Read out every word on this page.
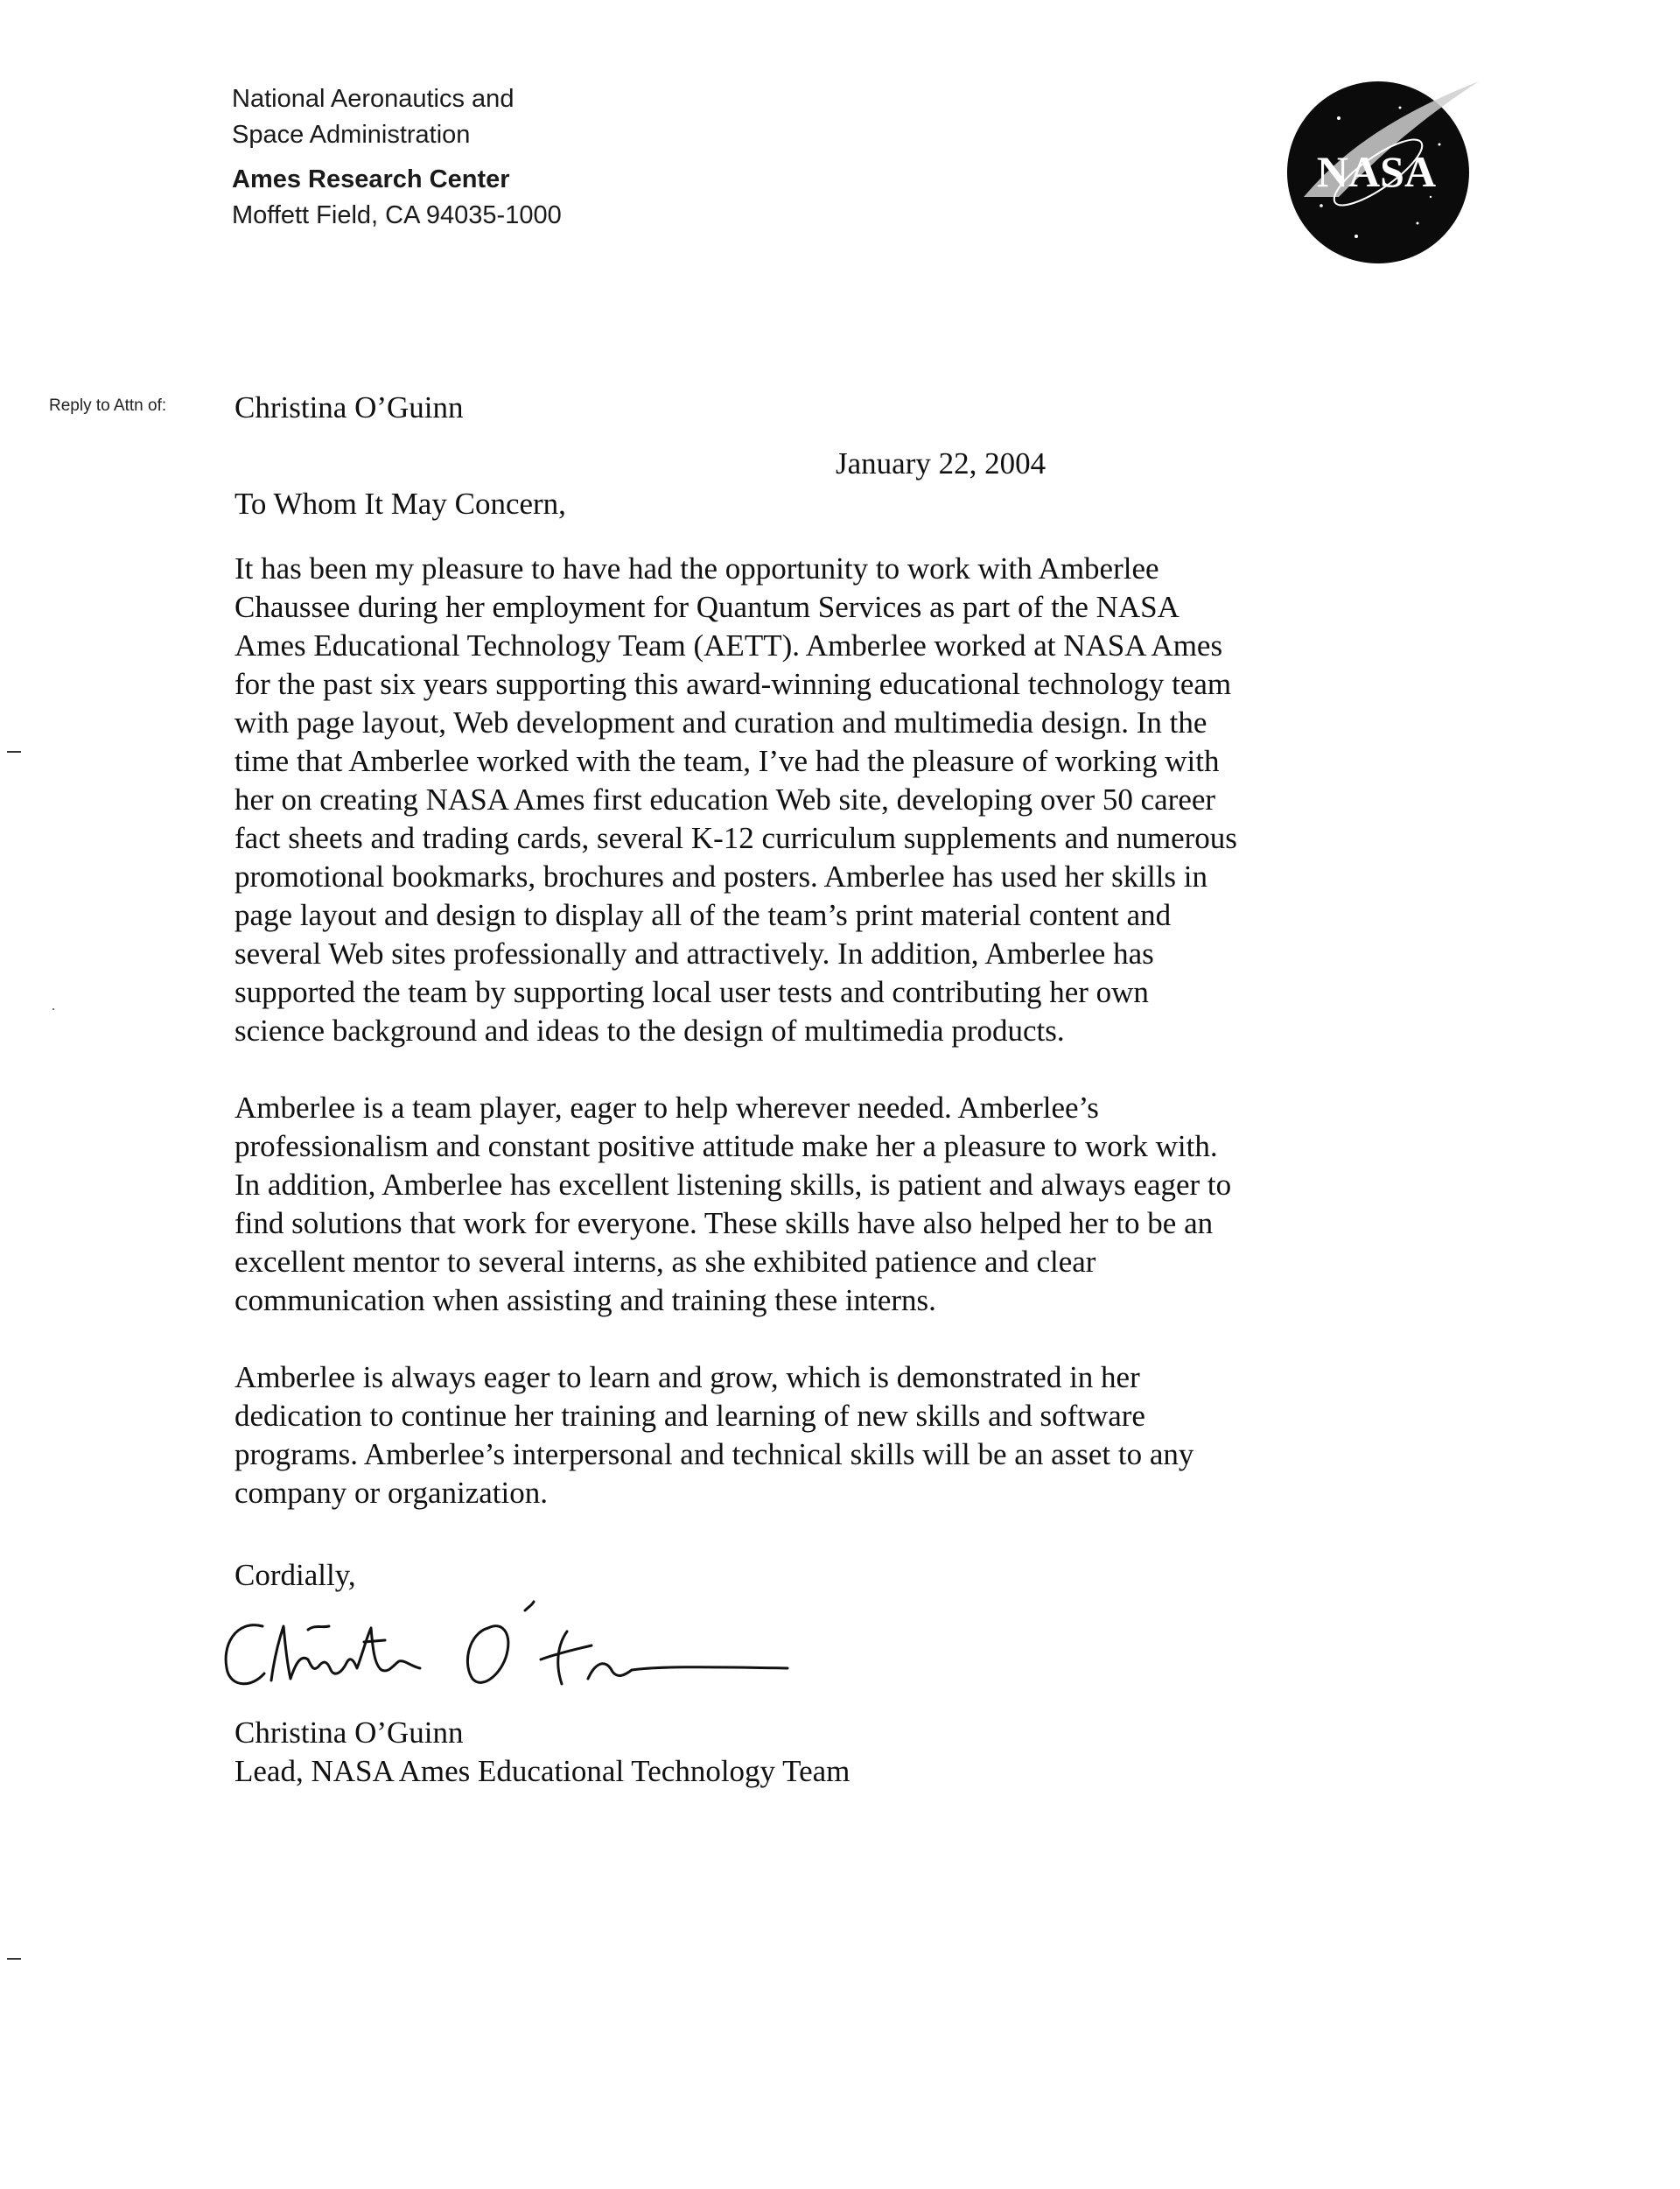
National Aeronautics and
Space Administration
Ames Research Center
Moffett Field, CA 94035-1000
NASA
Reply to Attn of: Christina O’Guinn
January 22, 2004
To Whom It May Concern,

It has been my pleasure to have had the opportunity to work with Amberlee
Chaussee during her employment for Quantum Services as part of the NASA
Ames Educational Technology Team (AETT). Amberlee worked at NASA Ames
for the past six years supporting this award-winning educational technology team
with page layout, Web development and curation and multimedia design. In the
time that Amberlee worked with the team, I’ve had the pleasure of working with
her on creating NASA Ames first education Web site, developing over 50 career
fact sheets and trading cards, several K-12 curriculum supplements and numerous
promotional bookmarks, brochures and posters. Amberlee has used her skills in
page layout and design to display all of the team’s print material content and
several Web sites professionally and attractively. In addition, Amberlee has
supported the team by supporting local user tests and contributing her own
science background and ideas to the design of multimedia products.

Amberlee is a team player, eager to help wherever needed. Amberlee’s
professionalism and constant positive attitude make her a pleasure to work with.
In addition, Amberlee has excellent listening skills, is patient and always eager to
find solutions that work for everyone. These skills have also helped her to be an
excellent mentor to several interns, as she exhibited patience and clear
communication when assisting and training these interns.

Amberlee is always eager to learn and grow, which is demonstrated in her
dedication to continue her training and learning of new skills and software
programs. Amberlee’s interpersonal and technical skills will be an asset to any
company or organization.

Cordially,
Christina O’Guinn
Lead, NASA Ames Educational Technology Team
